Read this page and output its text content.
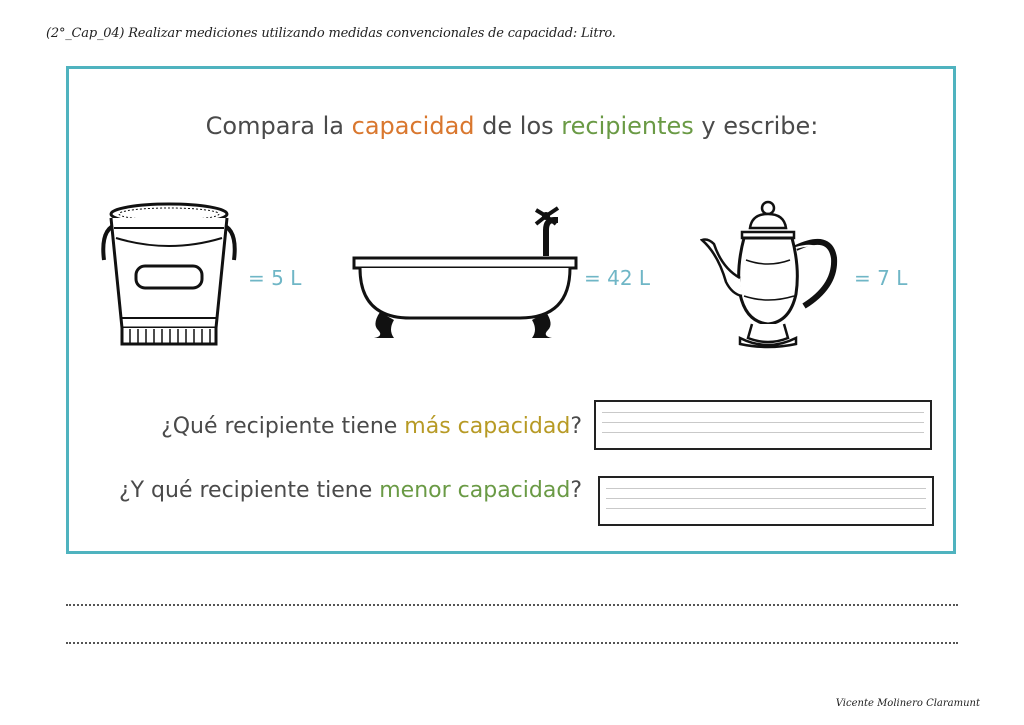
(2°_Cap_04) Realizar mediciones utilizando medidas convencionales de capacidad: Litro.
Compara la capacidad de los recipientes y escribe:
= 5 L	= 42 L	= 7 L
¿Qué recipiente tiene más capacidad?
¿Y qué recipiente tiene menor capacidad?
Vicente Molinero Claramunt
